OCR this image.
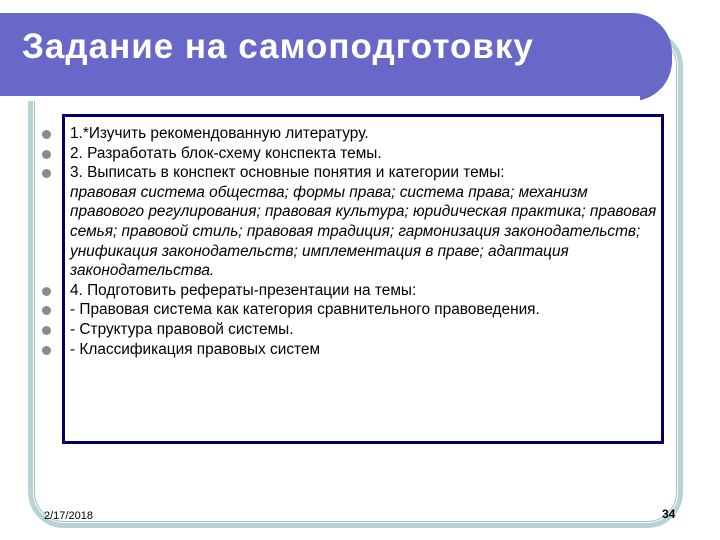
Задание на самоподготовку
1.*Изучить рекомендованную литературу.
2. Разработать блок-схему конспекта темы.
3. Выписать в конспект основные понятия и категории темы:
правовая система общества; формы права; система права; механизм правового регулирования; правовая культура; юридическая практика; правовая семья; правовой стиль; правовая традиция; гармонизация законодательств; унификация законодательств; имплементация в праве; адаптация законодательства.
4. Подготовить рефераты-презентации на темы:
- Правовая система как категория сравнительного правоведения.
- Структура правовой системы.
- Классификация правовых систем
2/17/2018	34
